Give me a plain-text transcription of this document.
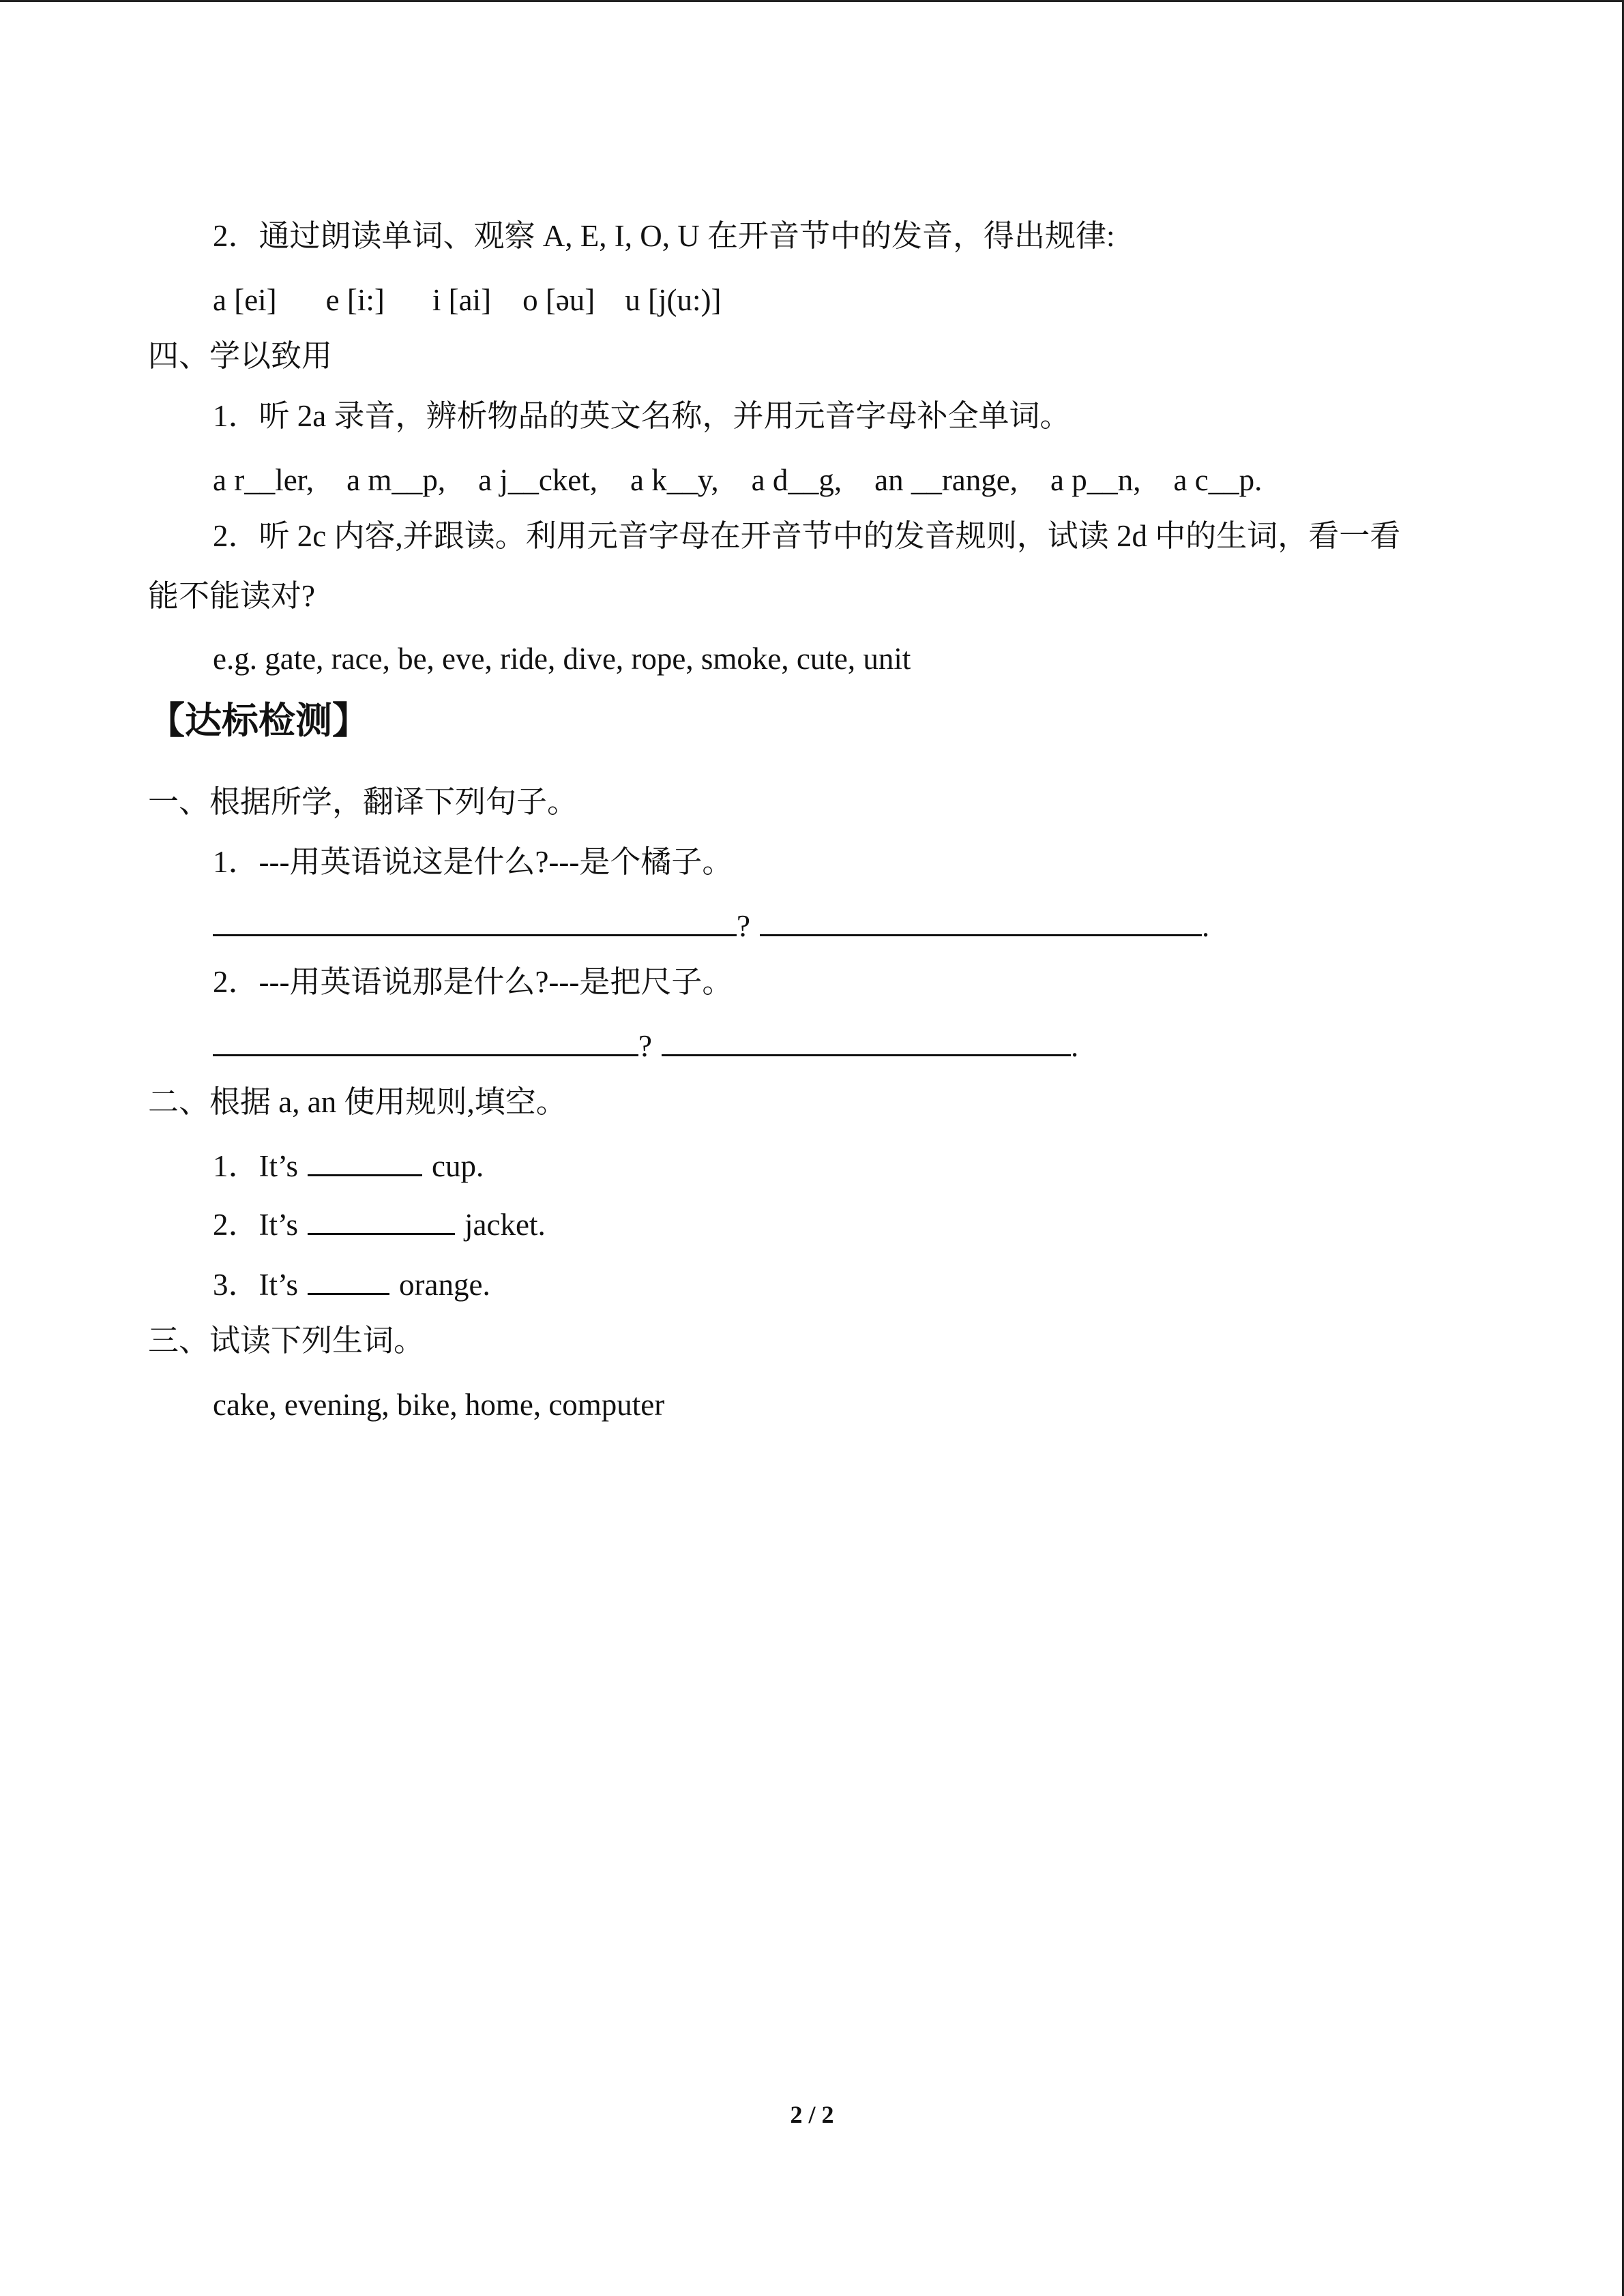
2．通过朗读单词、观察 A, E, I, O, U 在开音节中的发音，得出规律:
a [ei] e [i:] i [ai] o [əu] u [j(u:)]
四、学以致用
1．听 2a 录音，辨析物品的英文名称，并用元音字母补全单词。
a r__ler, a m__p, a j__cket, a k__y, a d__g, an __range, a p__n, a c__p.
2．听 2c 内容,并跟读。利用元音字母在开音节中的发音规则，试读 2d 中的生词，看一看
能不能读对?
e.g. gate, race, be, eve, ride, dive, rope, smoke, cute, unit
【达标检测】
一、根据所学，翻译下列句子。
1．---用英语说这是什么?---是个橘子。
?	.
2．---用英语说那是什么?---是把尺子。
?	.
二、根据 a, an 使用规则,填空。
1．It’s	cup.
2．It’s	jacket.
3．It’s	orange.
三、试读下列生词。
cake, evening, bike, home, computer
2 / 2
